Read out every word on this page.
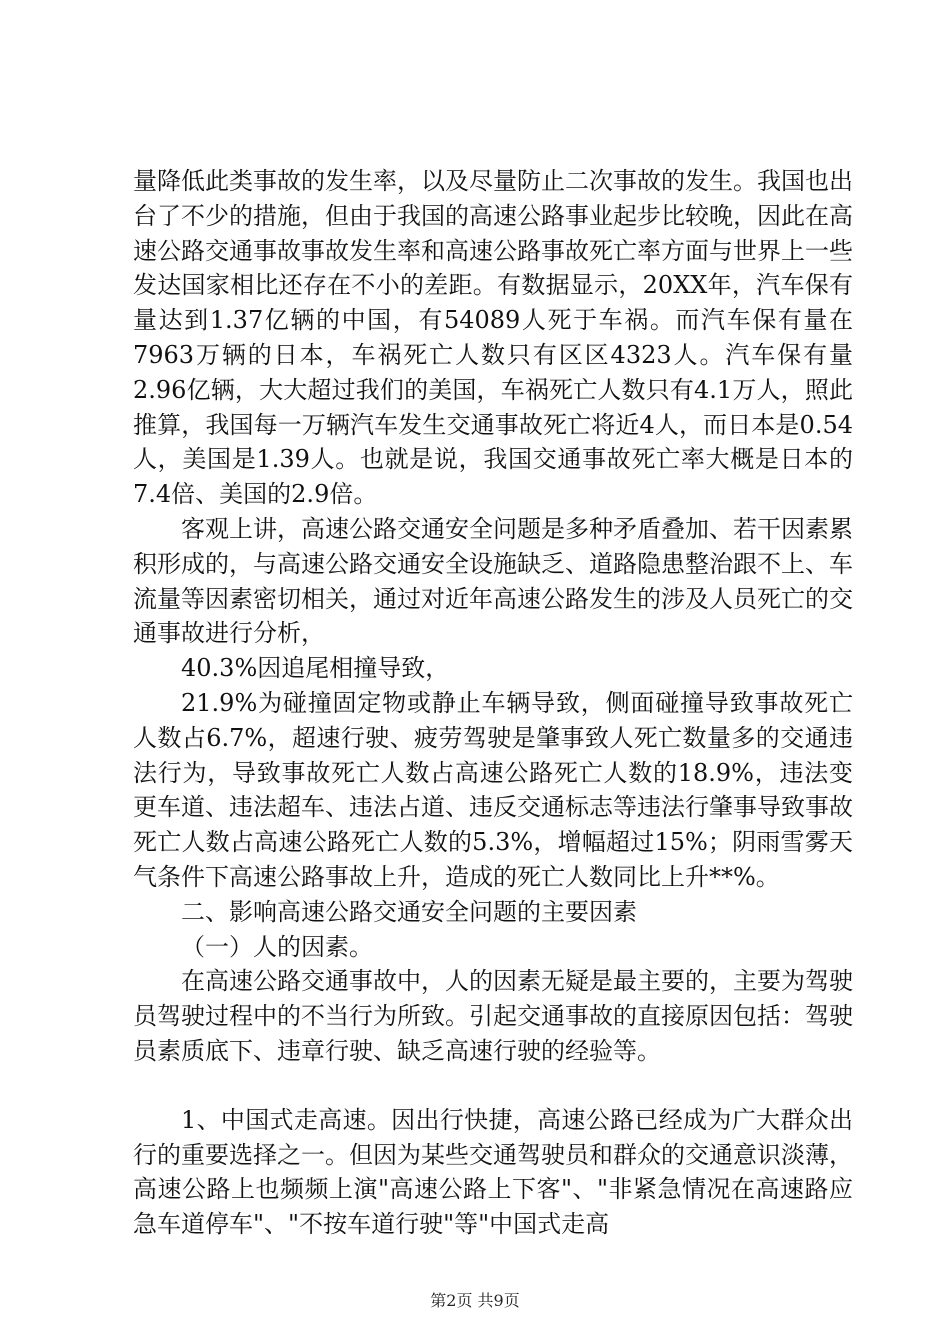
量降低此类事故的发生率，以及尽量防止二次事故的发生。我国也出台了不少的措施，但由于我国的高速公路事业起步比较晚，因此在高速公路交通事故事故发生率和高速公路事故死亡率方面与世界上一些发达国家相比还存在不小的差距。有数据显示，20XX年，汽车保有量达到1.37亿辆的中国，有54089人死于车祸。而汽车保有量在7963万辆的日本，车祸死亡人数只有区区4323人。汽车保有量2.96亿辆，大大超过我们的美国，车祸死亡人数只有4.1万人，照此推算，我国每一万辆汽车发生交通事故死亡将近4人，而日本是0.54人，美国是1.39人。也就是说，我国交通事故死亡率大概是日本的7.4倍、美国的2.9倍。

客观上讲，高速公路交通安全问题是多种矛盾叠加、若干因素累积形成的，与高速公路交通安全设施缺乏、道路隐患整治跟不上、车流量等因素密切相关，通过对近年高速公路发生的涉及人员死亡的交通事故进行分析，

40.3%因追尾相撞导致，

21.9%为碰撞固定物或静止车辆导致，侧面碰撞导致事故死亡人数占6.7%，超速行驶、疲劳驾驶是肇事致人死亡数量多的交通违法行为，导致事故死亡人数占高速公路死亡人数的18.9%，违法变更车道、违法超车、违法占道、违反交通标志等违法行肇事导致事故死亡人数占高速公路死亡人数的5.3%，增幅超过15%；阴雨雪雾天气条件下高速公路事故上升，造成的死亡人数同比上升**%。

二、影响高速公路交通安全问题的主要因素

（一）人的因素。

在高速公路交通事故中，人的因素无疑是最主要的，主要为驾驶员驾驶过程中的不当行为所致。引起交通事故的直接原因包括：驾驶员素质底下、违章行驶、缺乏高速行驶的经验等。

1、中国式走高速。因出行快捷，高速公路已经成为广大群众出行的重要选择之一。但因为某些交通驾驶员和群众的交通意识淡薄，高速公路上也频频上演"高速公路上下客"、"非紧急情况在高速路应急车道停车"、"不按车道行驶"等"中国式走高

第2页 共9页
